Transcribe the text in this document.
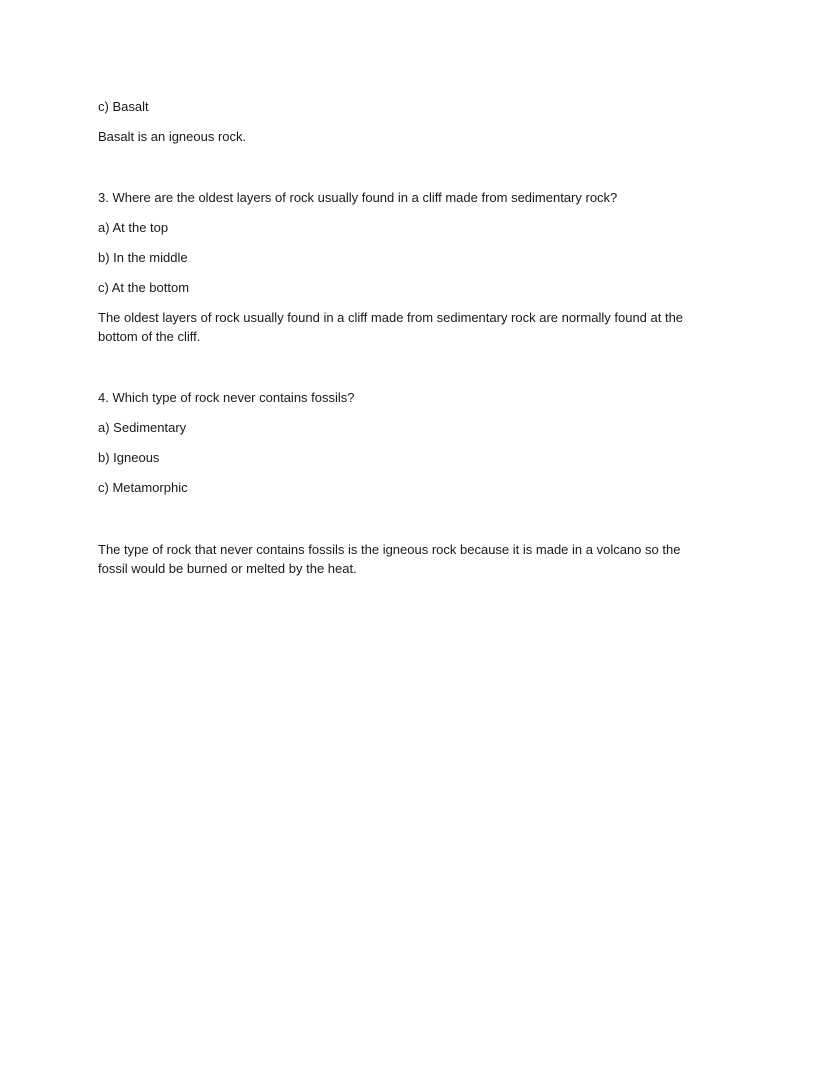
c) Basalt

Basalt is an igneous rock.

3. Where are the oldest layers of rock usually found in a cliff made from sedimentary rock?

a) At the top

b) In the middle

c) At the bottom

The oldest layers of rock usually found in a cliff made from sedimentary rock are normally found at the

bottom of the cliff.

4. Which type of rock never contains fossils?

a) Sedimentary

b) Igneous

c) Metamorphic

The type of rock that never contains fossils is the igneous rock because it is made in a volcano so the

fossil would be burned or melted by the heat.
